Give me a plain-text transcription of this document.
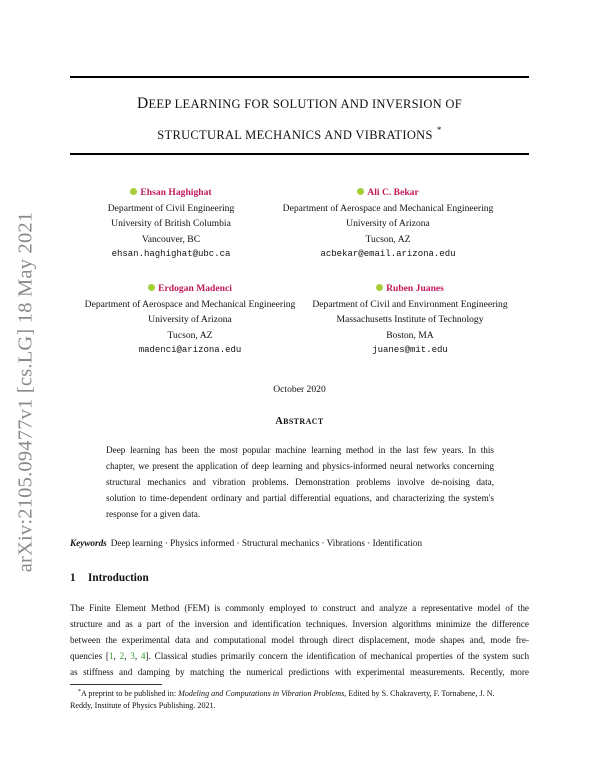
arXiv:2105.09477v1 [cs.LG] 18 May 2021
DEEP LEARNING FOR SOLUTION AND INVERSION OF
STRUCTURAL MECHANICS AND VIBRATIONS *
Ehsan Haghighat
Department of Civil Engineering
University of British Columbia
Vancouver, BC
ehsan.haghighat@ubc.ca
Ali C. Bekar
Department of Aerospace and Mechanical Engineering
University of Arizona
Tucson, AZ
acbekar@email.arizona.edu
Erdogan Madenci
Department of Aerospace and Mechanical Engineering
University of Arizona
Tucson, AZ
madenci@arizona.edu
Ruben Juanes
Department of Civil and Environment Engineering
Massachusetts Institute of Technology
Boston, MA
juanes@mit.edu
October 2020
ABSTRACT
Deep learning has been the most popular machine learning method in the last few years. In this
chapter, we present the application of deep learning and physics-informed neural networks concerning
structural mechanics and vibration problems. Demonstration problems involve de-noising data,
solution to time-dependent ordinary and partial differential equations, and characterizing the system's
response for a given data.
Keywords Deep learning · Physics informed · Structural mechanics · Vibrations · Identification
1 Introduction
The Finite Element Method (FEM) is commonly employed to construct and analyze a representative model of the
structure and as a part of the inversion and identification techniques. Inversion algorithms minimize the difference
between the experimental data and computational model through direct displacement, mode shapes and, mode fre-
quencies [1, 2, 3, 4]. Classical studies primarily concern the identification of mechanical properties of the system such
as stiffness and damping by matching the numerical predictions with experimental measurements. Recently, more
*A preprint to be published in: Modeling and Computations in Vibration Problems, Edited by S. Chakraverty, F. Tornabene, J. N.
Reddy, Institute of Physics Publishing. 2021.
